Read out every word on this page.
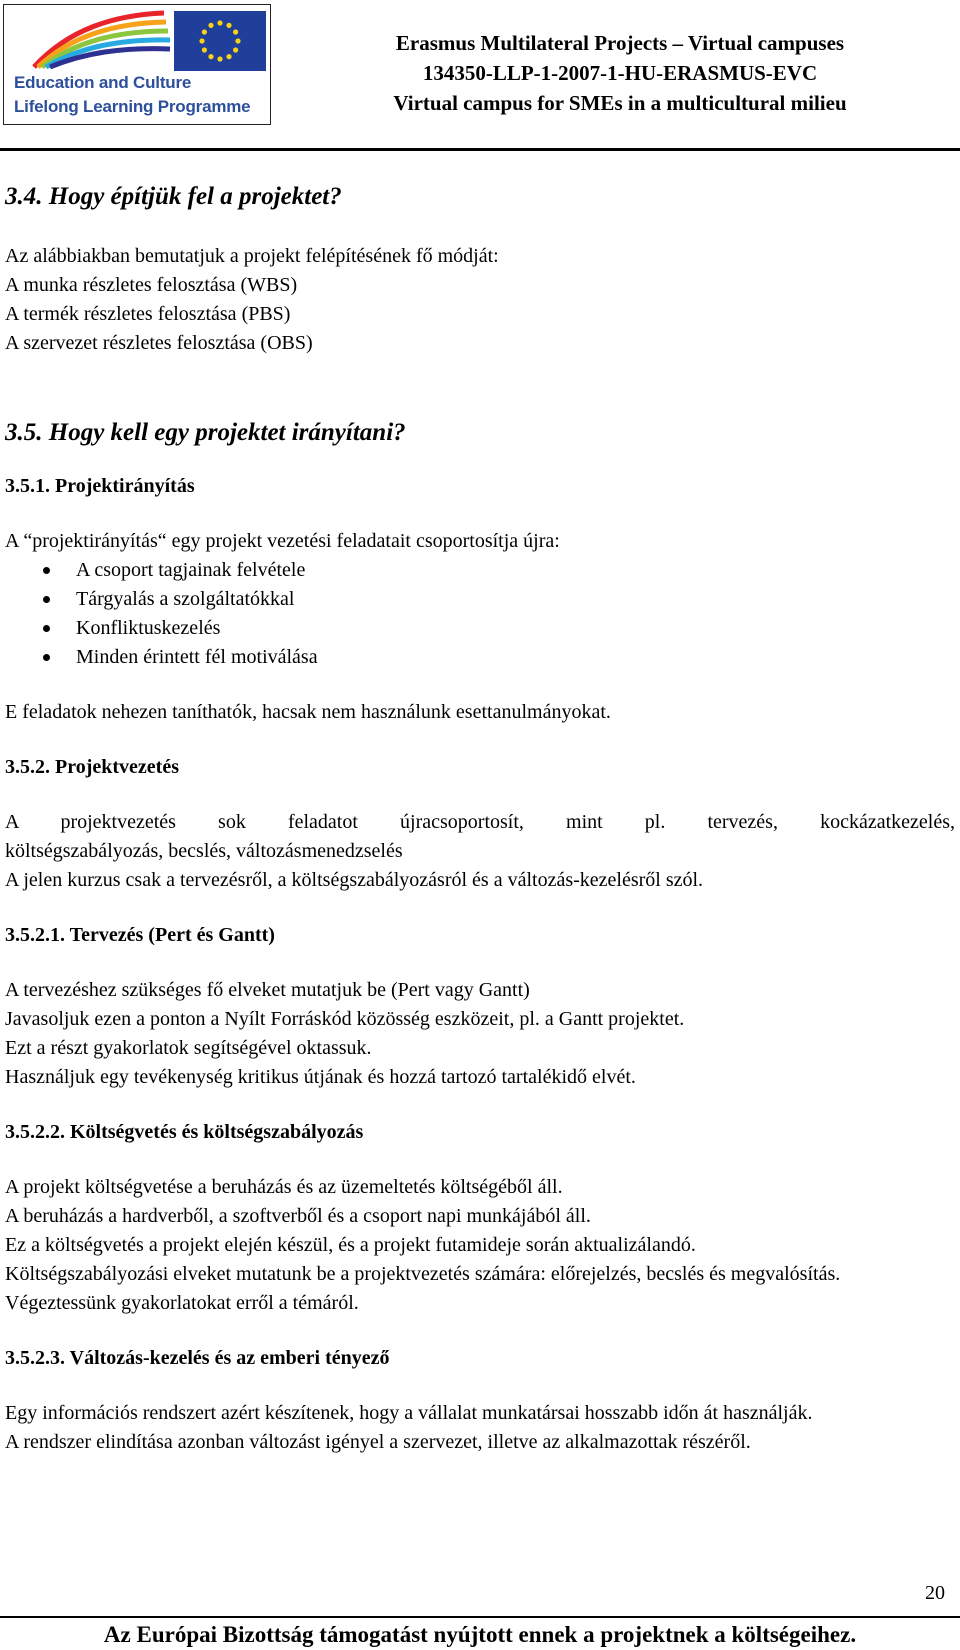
Education and Culture
Lifelong Learning Programme
Erasmus Multilateral Projects – Virtual campuses
134350-LLP-1-2007-1-HU-ERASMUS-EVC
Virtual campus for SMEs in a multicultural milieu
3.4. Hogy építjük fel a projektet?

Az alábbiakban bemutatjuk a projekt felépítésének fő módját:

A munka részletes felosztása (WBS)

A termék részletes felosztása (PBS)

A szervezet részletes felosztása (OBS)

3.5. Hogy kell egy projektet irányítani?
3.5.1. Projektirányítás

A “projektirányítás“ egy projekt vezetési feladatait csoportosítja újra:

A csoport tagjainak felvétele
Tárgyalás a szolgáltatókkal
Konfliktuskezelés
Minden érintett fél motiválása

E feladatok nehezen taníthatók, hacsak nem használunk esettanulmányokat.

3.5.2. Projektvezetés

A projektvezetés sok feladatot újracsoportosít, mint pl. tervezés, kockázatkezelés,

költségszabályozás, becslés, változásmenedzselés

A jelen kurzus csak a tervezésről, a költségszabályozásról és a változás-kezelésről szól.

3.5.2.1. Tervezés (Pert és Gantt)

A tervezéshez szükséges fő elveket mutatjuk be (Pert vagy Gantt)

Javasoljuk ezen a ponton a Nyílt Forráskód közösség eszközeit, pl. a Gantt projektet.

Ezt a részt gyakorlatok segítségével oktassuk.

Használjuk egy tevékenység kritikus útjának és hozzá tartozó tartalékidő elvét.

3.5.2.2. Költségvetés és költségszabályozás

A projekt költségvetése a beruházás és az üzemeltetés költségéből áll.

A beruházás a hardverből, a szoftverből és a csoport napi munkájából áll.

Ez a költségvetés a projekt elején készül, és a projekt futamideje során aktualizálandó.

Költségszabályozási elveket mutatunk be a projektvezetés számára: előrejelzés, becslés és megvalósítás.

Végeztessünk gyakorlatokat erről a témáról.

3.5.2.3. Változás-kezelés és az emberi tényező

Egy információs rendszert azért készítenek, hogy a vállalat munkatársai hosszabb időn át használják.

A rendszer elindítása azonban változást igényel a szervezet, illetve az alkalmazottak részéről.

20
Az Európai Bizottság támogatást nyújtott ennek a projektnek a költségeihez.
